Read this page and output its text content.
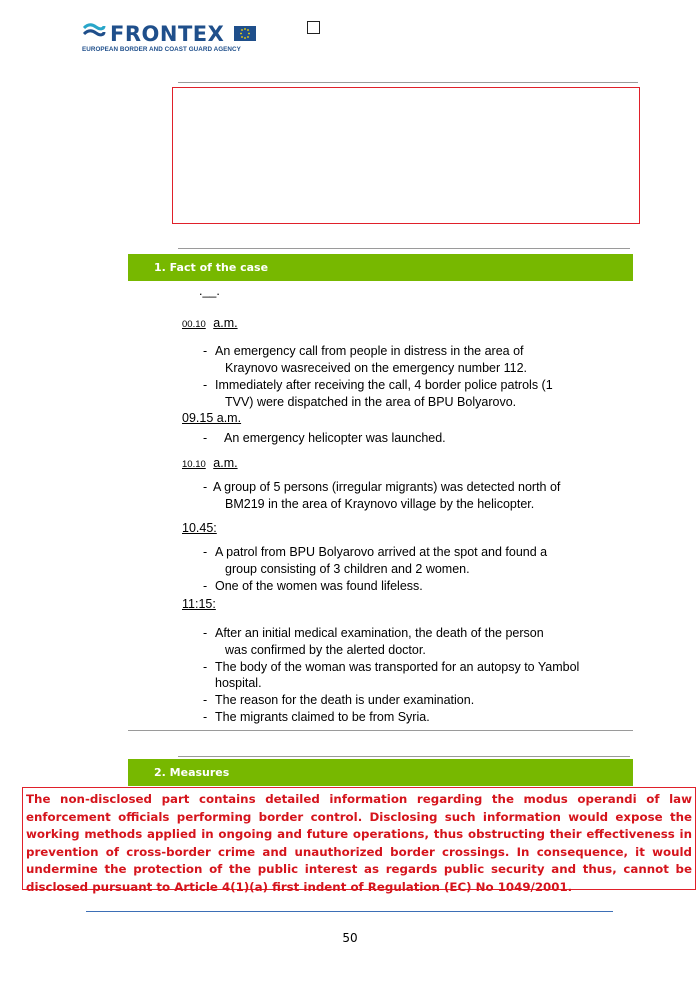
FRONTEX
EUROPEAN BORDER AND COAST GUARD AGENCY
1. Fact of the case
.__.
00.10 a.m.
- An emergency call from people in distress in the area of
Kraynovo wasreceived on the emergency number 112.
- Immediately after receiving the call, 4 border police patrols (1
TVV) were dispatched in the area of BPU Bolyarovo.
09.15 a.m.
- An emergency helicopter was launched.
10.10 a.m.
- A group of 5 persons (irregular migrants) was detected north of
BM219 in the area of Kraynovo village by the helicopter.
10.45:
- A patrol from BPU Bolyarovo arrived at the spot and found a
group consisting of 3 children and 2 women.
- One of the women was found lifeless.
11:15:
- After an initial medical examination, the death of the person
was confirmed by the alerted doctor.
- The body of the woman was transported for an autopsy to Yambol
hospital.
- The reason for the death is under examination.
- The migrants claimed to be from Syria.
2. Measures

The non-disclosed part contains detailed information regarding the modus operandi of law enforcement officials performing border control. Disclosing such information would expose the working methods applied in ongoing and future operations, thus obstructing their effectiveness in prevention of cross-border crime and unauthorized border crossings. In consequence, it would undermine the protection of the public interest as regards public security and thus, cannot be disclosed pursuant to Article 4(1)(a) first indent of Regulation (EC) No 1049/2001.

50
